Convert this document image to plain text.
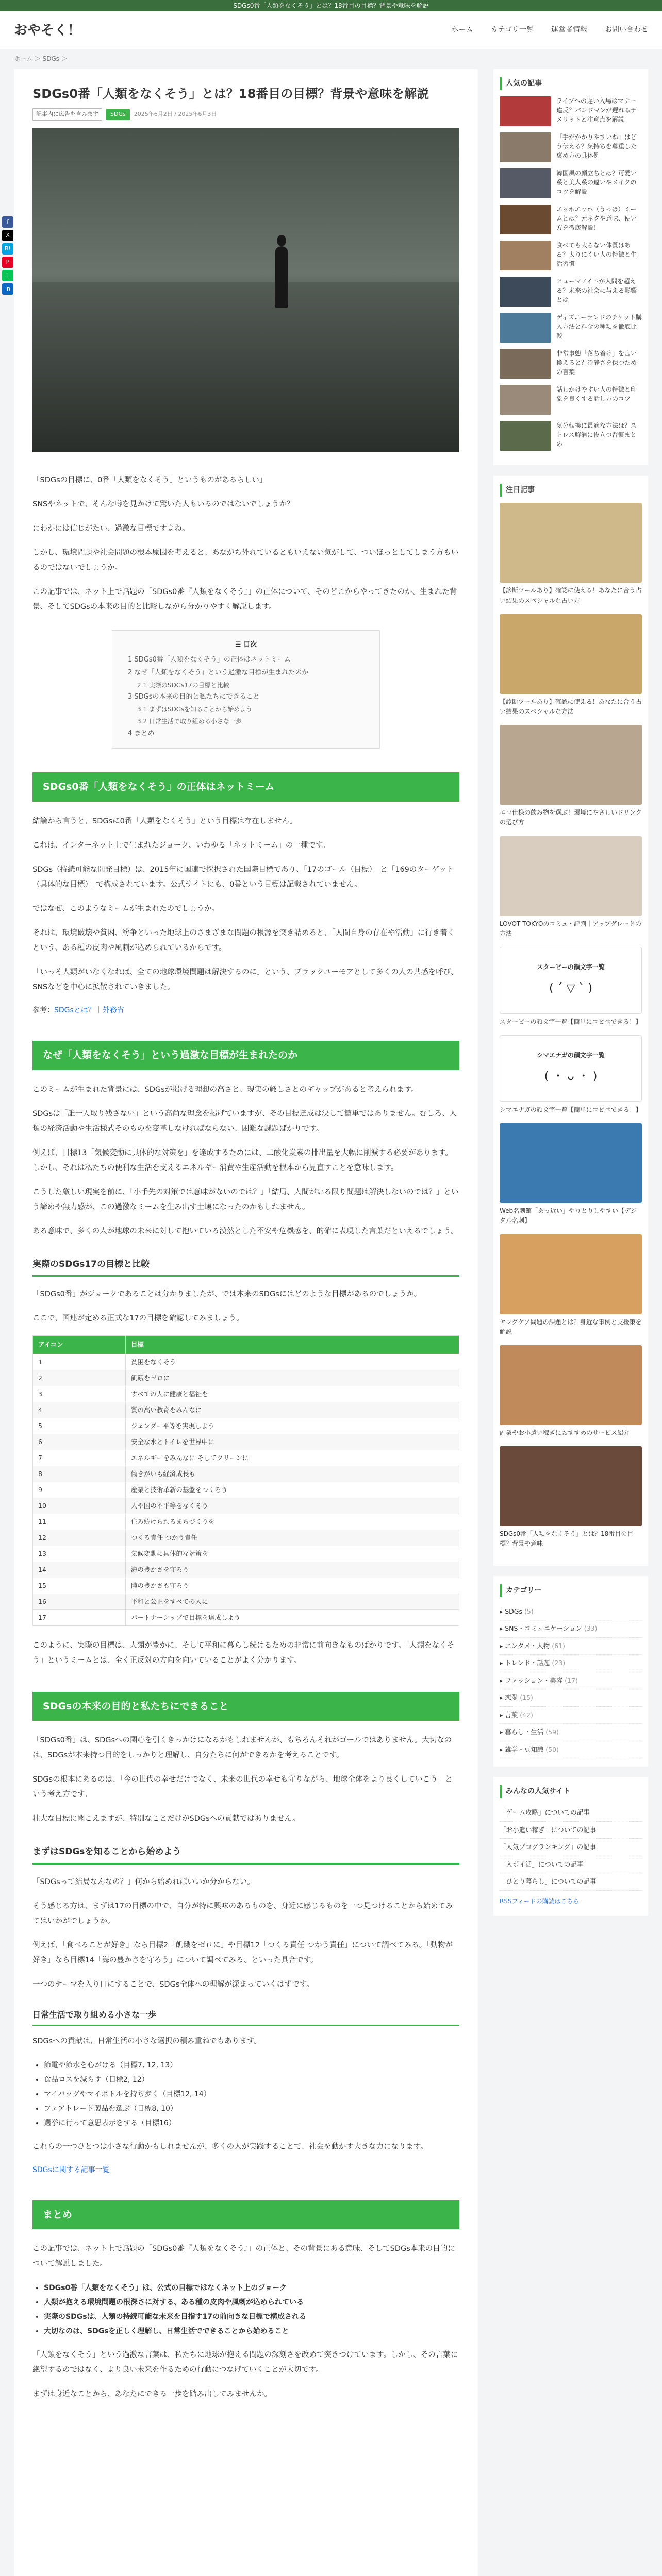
SDGs0番「人類をなくそう」とは？18番目の目標？背景や意味を解説
おやそく！	ホーム カテゴリ一覧 運営者情報 お問い合わせ
ホーム ＞ SDGs ＞
f
X
B!
P
L
in
SDGs0番「人類をなくそう」とは？18番目の目標？背景や意味を解説
記事内に広告を含みます	SDGs	2025年6月2日 / 2025年6月3日

「SDGsの目標に、0番「人類をなくそう」というものがあるらしい」

SNSやネットで、そんな噂を見かけて驚いた人もいるのではないでしょうか？

にわかには信じがたい、過激な目標ですよね。

しかし、環境問題や社会問題の根本原因を考えると、あながち外れているともいえない気がして、ついほっとしてしまう方もいるのではないでしょうか。

この記事では、ネット上で話題の「SDGs0番『人類をなくそう』」の正体について、そのどこからやってきたのか、生まれた背景、そしてSDGsの本来の目的と比較しながら分かりやすく解説します。

☰ 目次
1 SDGs0番「人類をなくそう」の正体はネットミーム
2 なぜ「人類をなくそう」という過激な目標が生まれたのか
2.1 実際のSDGs17の目標と比較
3 SDGsの本来の目的と私たちにできること
3.1 まずはSDGsを知ることから始めよう
3.2 日常生活で取り組める小さな一歩
4 まとめ
SDGs0番「人類をなくそう」の正体はネットミーム

結論から言うと、SDGsに0番「人類をなくそう」という目標は存在しません。

これは、インターネット上で生まれたジョーク、いわゆる「ネットミーム」の一種です。

SDGs（持続可能な開発目標）は、2015年に国連で採択された国際目標であり、「17のゴール（目標）」と「169のターゲット（具体的な目標）」で構成されています。公式サイトにも、0番という目標は記載されていません。

ではなぜ、このようなミームが生まれたのでしょうか。

それは、環境破壊や貧困、紛争といった地球上のさまざまな問題の根源を突き詰めると、「人間自身の存在や活動」に行き着くという、ある種の皮肉や風刺が込められているからです。

「いっそ人類がいなくなれば、全ての地球環境問題は解決するのに」という、ブラックユーモアとして多くの人の共感を呼び、SNSなどを中心に拡散されていきました。

参考：SDGsとは？｜外務省

なぜ「人類をなくそう」という過激な目標が生まれたのか

このミームが生まれた背景には、SDGsが掲げる理想の高さと、現実の厳しさとのギャップがあると考えられます。

SDGsは「誰一人取り残さない」という高尚な理念を掲げていますが、その目標達成は決して簡単ではありません。むしろ、人類の経済活動や生活様式そのものを変革しなければならない、困難な課題ばかりです。

例えば、目標13「気候変動に具体的な対策を」を達成するためには、二酸化炭素の排出量を大幅に削減する必要があります。しかし、それは私たちの便利な生活を支えるエネルギー消費や生産活動を根本から見直すことを意味します。

こうした厳しい現実を前に、「小手先の対策では意味がないのでは？」「結局、人間がいる限り問題は解決しないのでは？」という諦めや無力感が、この過激なミームを生み出す土壌になったのかもしれません。

ある意味で、多くの人が地球の未来に対して抱いている漠然とした不安や危機感を、的確に表現した言葉だといえるでしょう。

実際のSDGs17の目標と比較

「SDGs0番」がジョークであることは分かりましたが、では本来のSDGsにはどのような目標があるのでしょうか。

ここで、国連が定める正式な17の目標を確認してみましょう。

アイコン	目標
1	貧困をなくそう
2	飢餓をゼロに
3	すべての人に健康と福祉を
4	質の高い教育をみんなに
5	ジェンダー平等を実現しよう
6	安全な水とトイレを世界中に
7	エネルギーをみんなに そしてクリーンに
8	働きがいも経済成長も
9	産業と技術革新の基盤をつくろう
10	人や国の不平等をなくそう
11	住み続けられるまちづくりを
12	つくる責任 つかう責任
13	気候変動に具体的な対策を
14	海の豊かさを守ろう
15	陸の豊かさも守ろう
16	平和と公正をすべての人に
17	パートナーシップで目標を達成しよう

このように、実際の目標は、人類が豊かに、そして平和に暮らし続けるための非常に前向きなものばかりです。「人類をなくそう」というミームとは、全く正反対の方向を向いていることがよく分かります。

SDGsの本来の目的と私たちにできること

「SDGs0番」は、SDGsへの関心を引くきっかけになるかもしれませんが、もちろんそれがゴールではありません。大切なのは、SDGsが本来持つ目的をしっかりと理解し、自分たちに何ができるかを考えることです。

SDGsの根本にあるのは、「今の世代の幸せだけでなく、未来の世代の幸せも守りながら、地球全体をより良くしていこう」という考え方です。

壮大な目標に聞こえますが、特別なことだけがSDGsへの貢献ではありません。

まずはSDGsを知ることから始めよう

「SDGsって結局なんなの？」何から始めればいいか分からない。

そう感じる方は、まずは17の目標の中で、自分が特に興味のあるものを、身近に感じるものを一つ見つけることから始めてみてはいかがでしょうか。

例えば、「食べることが好き」なら目標2「飢餓をゼロに」や目標12「つくる責任 つかう責任」について調べてみる。「動物が好き」なら目標14「海の豊かさを守ろう」について調べてみる、といった具合です。

一つのテーマを入り口にすることで、SDGs全体への理解が深まっていくはずです。

日常生活で取り組める小さな一歩

SDGsへの貢献は、日常生活の小さな選択の積み重ねでもあります。

• 節電や節水を心がける（目標7, 12, 13）
• 食品ロスを減らす（目標2, 12）
• マイバッグやマイボトルを持ち歩く（目標12, 14）
• フェアトレード製品を選ぶ（目標8, 10）
• 選挙に行って意思表示をする（目標16）

これらの一つひとつは小さな行動かもしれませんが、多くの人が実践することで、社会を動かす大きな力になります。

SDGsに関する記事一覧

まとめ

この記事では、ネット上で話題の「SDGs0番『人類をなくそう』」の正体と、その背景にある意味、そしてSDGs本来の目的について解説しました。

• SDGs0番「人類をなくそう」は、公式の目標ではなくネット上のジョーク
• 人類が抱える環境問題の根深さに対する、ある種の皮肉や風刺が込められている
• 実際のSDGsは、人類の持続可能な未来を目指す17の前向きな目標で構成される
• 大切なのは、SDGsを正しく理解し、日常生活でできることから始めること

「人類をなくそう」という過激な言葉は、私たちに地球が抱える問題の深刻さを改めて突きつけています。しかし、その言葉に絶望するのではなく、より良い未来を作るための行動につなげていくことが大切です。

まずは身近なことから、あなたにできる一歩を踏み出してみませんか。

人気の記事
ライブへの遅い入場はマナー違反？バンドマンが遅れるデメリットと注意点を解説
「手がかかりやすいね」はどう伝える？気持ちを尊重した褒め方の具体例
韓国風の顔立ちとは？可愛い系と美人系の違いやメイクのコツを解説
エッホエッホ（うっほ）ミームとは？元ネタや意味、使い方を徹底解説！
食べても太らない体質はある？太りにくい人の特徴と生活習慣
ヒューマノイドが人間を超える？未来の社会に与える影響とは
ディズニーランドのチケット購入方法と料金の種類を徹底比較
非常事態「落ち着け」を言い換えると？冷静さを保つための言葉
話しかけやすい人の特徴と印象を良くする話し方のコツ
気分転換に最適な方法は？ストレス解消に役立つ習慣まとめ
注目記事
【診断ツールあり】確認に使える！あなたに合う占い結果のスペシャルな占い方
【診断ツールあり】確認に使える！あなたに合う占い結果のスペシャルな方法
エコ仕様の飲み物を選ぶ！環境にやさしいドリンクの選び方
LOVOT TOKYOのコミュ・評判｜アップグレードの方法
スターピーの顔文字一覧
( ´ ▽ ` )
スターピーの顔文字一覧【簡単にコピペできる！】
シマエナガの顔文字一覧
( ・ ᴗ ・ )
シマエナガの顔文字一覧【簡単にコピペできる！】
Web名刺館「あっ近い」やりとりしやすい【デジタル名刺】
ヤングケア問題の課題とは？身近な事例と支援策を解説
副業やお小遣い稼ぎにおすすめのサービス紹介
SDGs0番「人類をなくそう」とは？18番目の目標？背景や意味
カテゴリー
▸ SDGs (5)
▸ SNS・コミュニケーション (33)
▸ エンタメ・人物 (61)
▸ トレンド・話題 (23)
▸ ファッション・美容 (17)
▸ 恋愛 (15)
▸ 言葉 (42)
▸ 暮らし・生活 (59)
▸ 雑学・豆知識 (50)
みんなの人気サイト
「ゲーム攻略」についての記事
「お小遣い稼ぎ」についての記事
「人気ブログランキング」の記事
「入ポイ活」についての記事
「ひとり暮らし」についての記事
RSSフィードの購読はこちら
